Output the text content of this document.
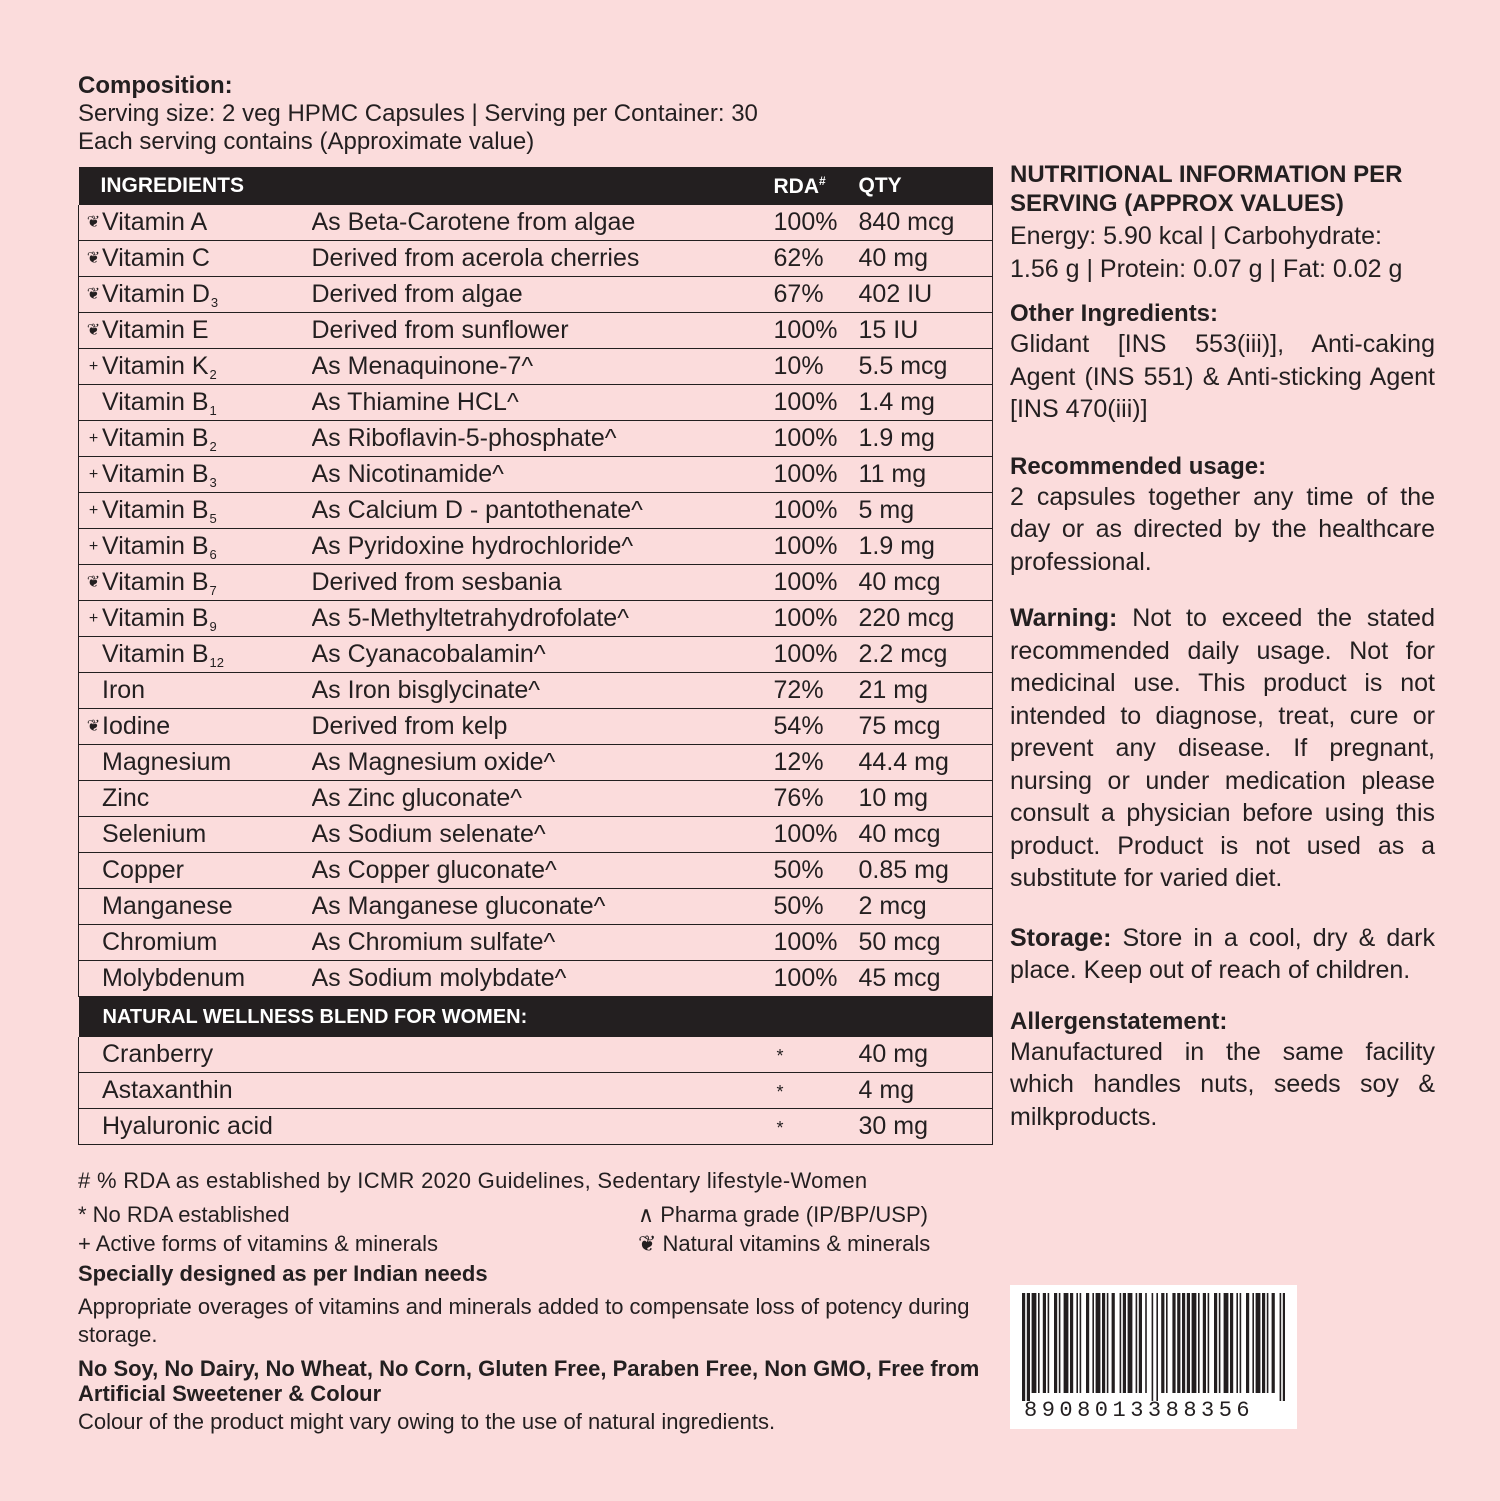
Composition:
Serving size: 2 veg HPMC Capsules | Serving per Container: 30
Each serving contains (Approximate value)
INGREDIENTS		RDA#	QTY
❦Vitamin A	As Beta-Carotene from algae	100%	840 mcg
❦Vitamin C	Derived from acerola cherries	62%	40 mg
❦Vitamin $D_3$	Derived from algae	67%	402 IU
❦Vitamin E	Derived from sunflower	100%	15 IU
+ Vitamin $K_2$	As Menaquinone-7^	10%	5.5 mcg
Vitamin $B_1$	As Thiamine HCL^	100%	1.4 mg
+ Vitamin $B_2$	As Riboflavin-5-phosphate^	100%	1.9 mg
+ Vitamin $B_3$	As Nicotinamide^	100%	11 mg
+ Vitamin $B_5$	As Calcium D - pantothenate^	100%	5 mg
+ Vitamin $B_6$	As Pyridoxine hydrochloride^	100%	1.9 mg
❦Vitamin $B_7$	Derived from sesbania	100%	40 mcg
+ Vitamin $B_9$	As 5-Methyltetrahydrofolate^	100%	220 mcg
Vitamin $B_{12}$	As Cyanacobalamin^	100%	2.2 mcg
Iron	As Iron bisglycinate^	72%	21 mg
❦Iodine	Derived from kelp	54%	75 mcg
Magnesium	As Magnesium oxide^	12%	44.4 mg
Zinc	As Zinc gluconate^	76%	10 mg
Selenium	As Sodium selenate^	100%	40 mcg
Copper	As Copper gluconate^	50%	0.85 mg
Manganese	As Manganese gluconate^	50%	2 mcg
Chromium	As Chromium sulfate^	100%	50 mcg
Molybdenum	As Sodium molybdate^	100%	45 mcg
NATURAL WELLNESS BLEND FOR WOMEN:			
Cranberry		*	40 mg
Astaxanthin		*	4 mg
Hyaluronic acid		*	30 mg
# % RDA as established by ICMR 2020 Guidelines, Sedentary lifestyle-Women
* No RDA established	∧ Pharma grade (IP/BP/USP)
+ Active forms of vitamins & minerals	❦ Natural vitamins & minerals
Specially designed as per Indian needs
Appropriate overages of vitamins and minerals added to compensate loss of potency during storage.
No Soy, No Dairy, No Wheat, No Corn, Gluten Free, Paraben Free, Non GMO, Free from Artificial Sweetener & Colour
Colour of the product might vary owing to the use of natural ingredients.
NUTRITIONAL INFORMATION PER SERVING (APPROX VALUES)
Energy: 5.90 kcal | Carbohydrate: 1.56 g | Protein: 0.07 g | Fat: 0.02 g
Other Ingredients:
Glidant [INS 553(iii)], Anti-caking Agent (INS 551) & Anti-sticking Agent [INS 470(iii)]
Recommended usage:
2 capsules together any time of the day or as directed by the healthcare professional.
Warning: Not to exceed the stated recommended daily usage. Not for medicinal use. This product is not intended to diagnose, treat, cure or prevent any disease. If pregnant, nursing or under medication please consult a physician before using this product. Product is not used as a substitute for varied diet.
Storage: Store in a cool, dry & dark place. Keep out of reach of children.
Allergenstatement:
Manufactured in the same facility which handles nuts, seeds soy & milkproducts.
8908013388356
